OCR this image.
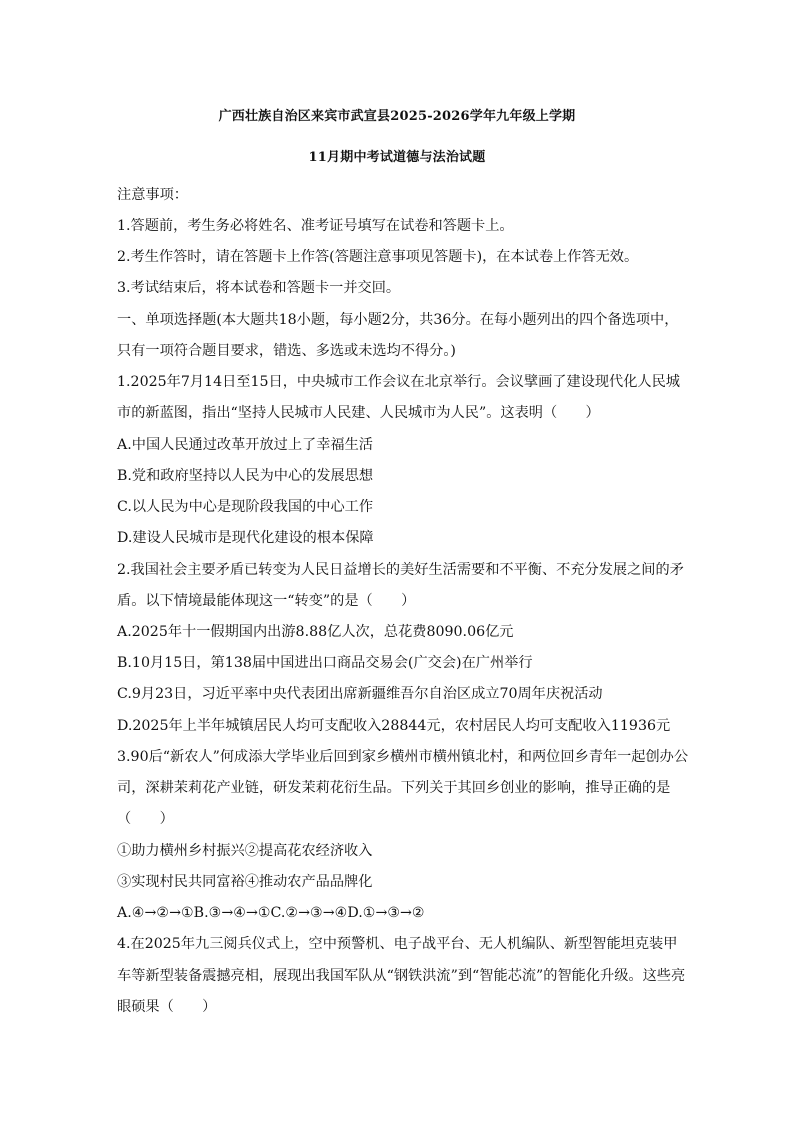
广西壮族自治区来宾市武宣县2025-2026学年九年级上学期
11月期中考试道德与法治试题
注意事项：
1.答题前，考生务必将姓名、准考证号填写在试卷和答题卡上。
2.考生作答时，请在答题卡上作答(答题注意事项见答题卡)，在本试卷上作答无效。
3.考试结束后，将本试卷和答题卡一并交回。
一、单项选择题(本大题共18小题，每小题2分，共36分。在每小题列出的四个备选项中，
只有一项符合题目要求，错选、多选或未选均不得分。)
1.2025年7月14日至15日，中央城市工作会议在北京举行。会议擘画了建设现代化人民城
市的新蓝图，指出“坚持人民城市人民建、人民城市为人民”。这表明（　　）
A.中国人民通过改革开放过上了幸福生活
B.党和政府坚持以人民为中心的发展思想
C.以人民为中心是现阶段我国的中心工作
D.建设人民城市是现代化建设的根本保障
2.我国社会主要矛盾已转变为人民日益增长的美好生活需要和不平衡、不充分发展之间的矛
盾。以下情境最能体现这一“转变”的是（　　）
A.2025年十一假期国内出游8.88亿人次，总花费8090.06亿元
B.10月15日，第138届中国进出口商品交易会(广交会)在广州举行
C.9月23日，习近平率中央代表团出席新疆维吾尔自治区成立70周年庆祝活动
D.2025年上半年城镇居民人均可支配收入28844元，农村居民人均可支配收入11936元
3.90后“新农人”何成添大学毕业后回到家乡横州市横州镇北村，和两位回乡青年一起创办公
司，深耕茉莉花产业链，研发茉莉花衍生品。下列关于其回乡创业的影响，推导正确的是
（　　）
①助力横州乡村振兴②提高花农经济收入
③实现村民共同富裕④推动农产品品牌化
A.④→②→①B.③→④→①C.②→③→④D.①→③→②
4.在2025年九三阅兵仪式上，空中预警机、电子战平台、无人机编队、新型智能坦克装甲
车等新型装备震撼亮相，展现出我国军队从“钢铁洪流”到“智能芯流”的智能化升级。这些亮
眼硕果（　　）
